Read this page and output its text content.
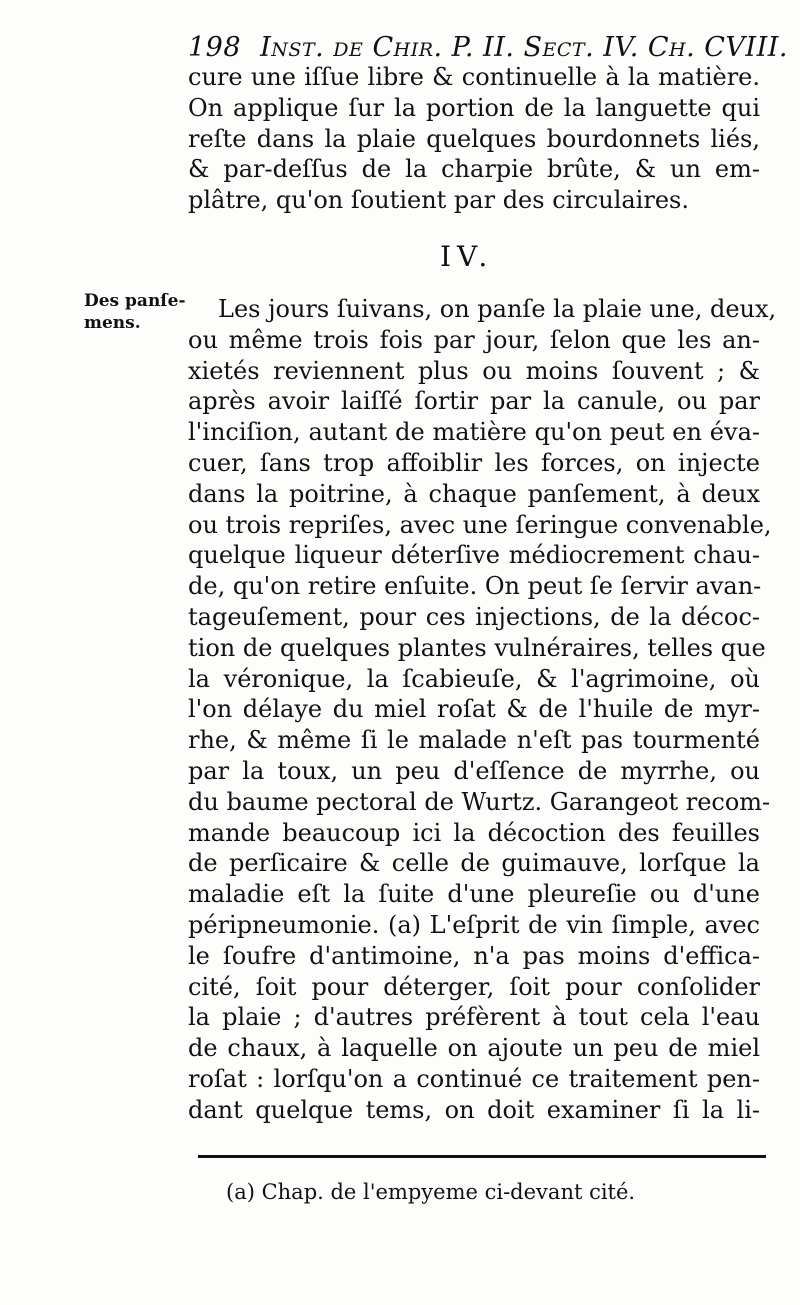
198 Inst. de Chir. P. II. Sect. IV. Ch. CVIII.
cure une iſſue libre & continuelle à la matière.
On applique ſur la portion de la languette qui
reſte dans la plaie quelques bourdonnets liés,
& par-deſſus de la charpie brûte, & un em-
plâtre, qu'on ſoutient par des circulaires.
IV.
Des panſe-mens.	Les jours ſuivans, on panſe la plaie une, deux,
ou même trois fois par jour, ſelon que les an-
xietés reviennent plus ou moins ſouvent ; &
après avoir laiſſé ſortir par la canule, ou par
l'inciſion, autant de matière qu'on peut en éva-
cuer, ſans trop affoiblir les forces, on injecte
dans la poitrine, à chaque panſement, à deux
ou trois repriſes, avec une ſeringue convenable,
quelque liqueur déterſive médiocrement chau-
de, qu'on retire enſuite. On peut ſe ſervir avan-
tageuſement, pour ces injections, de la décoc-
tion de quelques plantes vulnéraires, telles que
la véronique, la ſcabieuſe, & l'agrimoine, où
l'on délaye du miel roſat & de l'huile de myr-
rhe, & même ſi le malade n'eſt pas tourmenté
par la toux, un peu d'eſſence de myrrhe, ou
du baume pectoral de Wurtz. Garangeot recom-
mande beaucoup ici la décoction des feuilles
de perſicaire & celle de guimauve, lorſque la
maladie eſt la ſuite d'une pleureſie ou d'une
péripneumonie. (a) L'eſprit de vin ſimple, avec
le ſoufre d'antimoine, n'a pas moins d'effica-
cité, ſoit pour déterger, ſoit pour conſolider
la plaie ; d'autres préfèrent à tout cela l'eau
de chaux, à laquelle on ajoute un peu de miel
roſat : lorſqu'on a continué ce traitement pen-
dant quelque tems, on doit examiner ſi la li-
(a) Chap. de l'empyeme ci-devant cité.
